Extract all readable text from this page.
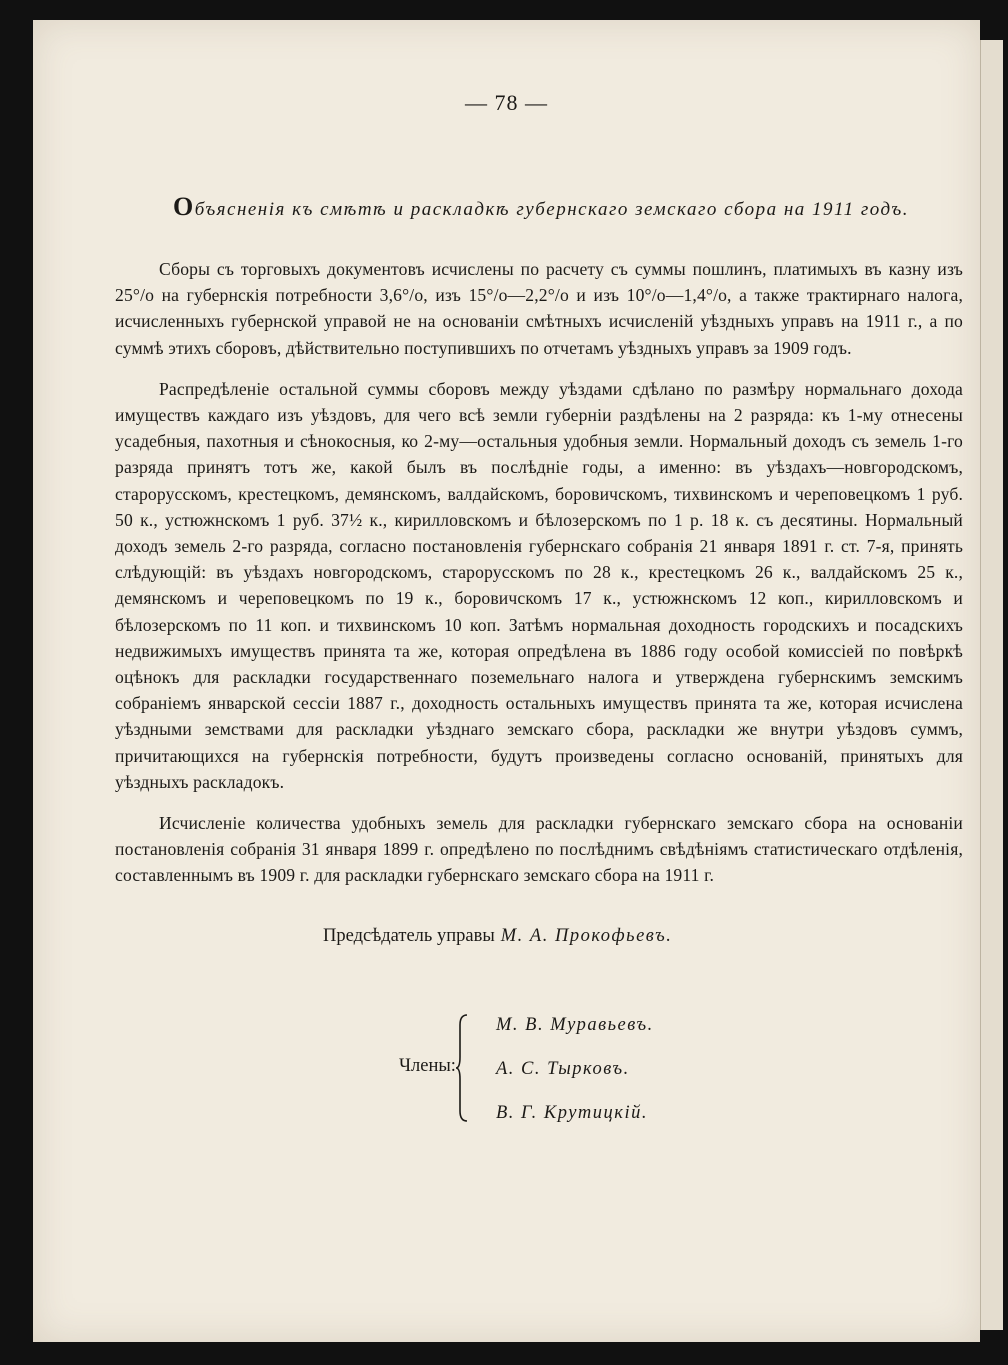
— 78 —
Объясненія къ смѣтѣ и раскладкѣ губернскаго земскаго сбора на 1911 годъ.

Сборы съ торговыхъ документовъ исчислены по расчету съ суммы пошлинъ, платимыхъ въ казну изъ 25°/о на губернскія потребности 3,6°/о, изъ 15°/о—2,2°/о и изъ 10°/о—1,4°/о, а также трактирнаго налога, исчисленныхъ губернской управой не на основаніи смѣтныхъ исчисленій уѣздныхъ управъ на 1911 г., а по суммѣ этихъ сборовъ, дѣйствительно поступившихъ по отчетамъ уѣздныхъ управъ за 1909 годъ.

Распредѣленіе остальной суммы сборовъ между уѣздами сдѣлано по размѣру нормальнаго дохода имуществъ каждаго изъ уѣздовъ, для чего всѣ земли губерніи раздѣлены на 2 разряда: къ 1-му отнесены усадебныя, пахотныя и сѣнокосныя, ко 2-му—остальныя удобныя земли. Нормальный доходъ съ земель 1-го разряда принятъ тотъ же, какой былъ въ послѣдніе годы, а именно: въ уѣздахъ—новгородскомъ, старорусскомъ, крестецкомъ, демянскомъ, валдайскомъ, боровичскомъ, тихвинскомъ и череповецкомъ 1 руб. 50 к., устюжнскомъ 1 руб. 37½ к., кирилловскомъ и бѣлозерскомъ по 1 р. 18 к. съ десятины. Нормальный доходъ земель 2-го разряда, согласно постановленія губернскаго собранія 21 января 1891 г. ст. 7-я, принять слѣдующій: въ уѣздахъ новгородскомъ, старорусскомъ по 28 к., крестецкомъ 26 к., валдайскомъ 25 к., демянскомъ и череповецкомъ по 19 к., боровичскомъ 17 к., устюжнскомъ 12 коп., кирилловскомъ и бѣлозерскомъ по 11 коп. и тихвинскомъ 10 коп. Затѣмъ нормальная доходность городскихъ и посадскихъ недвижимыхъ имуществъ принята та же, которая опредѣлена въ 1886 году особой комиссіей по повѣркѣ оцѣнокъ для раскладки государственнаго поземельнаго налога и утверждена губернскимъ земскимъ собраніемъ январской сессіи 1887 г., доходность остальныхъ имуществъ принята та же, которая исчислена уѣздными земствами для раскладки уѣзднаго земскаго сбора, раскладки же внутри уѣздовъ суммъ, причитающихся на губернскія потребности, будутъ произведены согласно основаній, принятыхъ для уѣздныхъ раскладокъ.

Исчисленіе количества удобныхъ земель для раскладки губернскаго земскаго сбора на основаніи постановленія собранія 31 января 1899 г. опредѣлено по послѣднимъ свѣдѣніямъ статистическаго отдѣленія, составленнымъ въ 1909 г. для раскладки губернскаго земскаго сбора на 1911 г.

Предсѣдатель управы М. А. Прокофьевъ.
Члены:
М. В. Муравьевъ.
А. С. Тырковъ.
В. Г. Крутицкій.
